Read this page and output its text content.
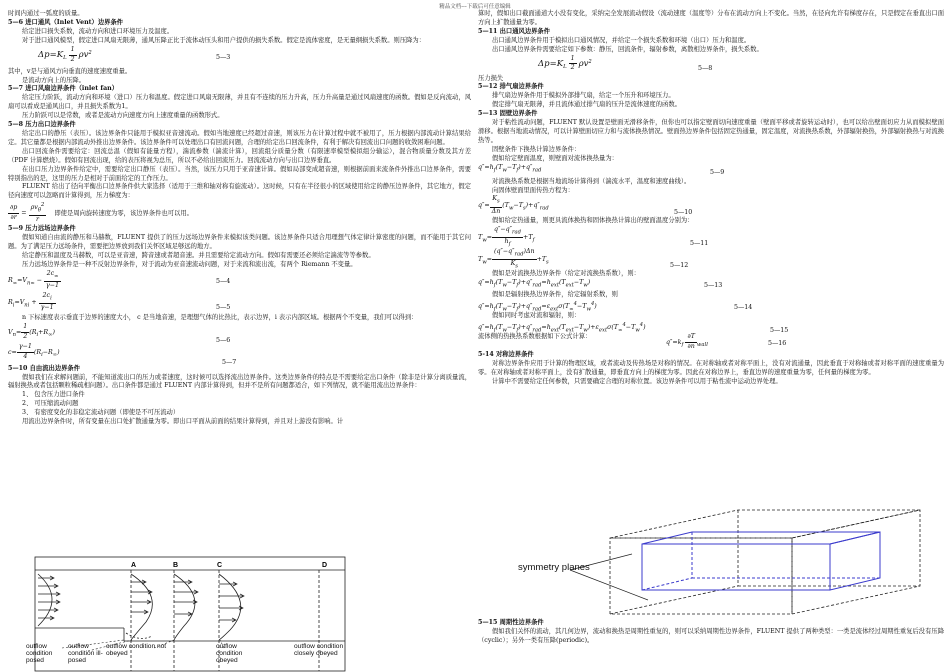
精品文档---下载后可任意编辑

时间内通过一弧度的质量。

5—6 进口通风（Inlet Vent）边界条件

给定进口损失系数，流动方向和进口环境压力及温度。

对于进口通风模型，假定进口风扇无限薄，通风压降正比于流体动压头和用户提供的损失系数。假定是流体密度，是无量纲损失系数。则压降为：

$\Delta p=K_L \frac{1}{2} \rho v^2$
5—3

其中，v是与通风方向垂直的速度速度重量。

是流动方向上的压降。

5—7 进口风扇边界条件（inlet fan）

给定压力阶跃，流动方向和环境（进口）压力和温度。假定进口风扇无限薄，并且有不连续的压力升高，压力升高量是通过风扇速度的函数。假如是反向流动，风扇可以看成是通风出口，并且损失系数为1。

压力阶跃可以是常数，或者是流动方向速度方向上速度重量的函数形式。

5—8 压力出口边界条件

给定出口的静压（表压）。该边界条件只能用于模拟亚音速流动。假如当地速度已经超过音速，则该压力在计算过程中就不被用了，压力根据内部流动计算结果给定。其它量都是根据内部流动外推出边界条件。该边界条件可以处理出口有回流问题，合理的给定出口回流条件，有利于解决有回流出口问题的收敛困难问题。

出口回流条件需要给定：回流总温（假如有能量方程），湍流参数（湍流计算），回流组分质量分数（有限速率模型模拟组分输运），混合物质量分数及其方差（PDF 计算燃烧）。假如有回流出现，给的表压将视为总压，所以不必给出回流压力。回流流动方向与出口边界垂直。

在出口压力边界条件给定中，需要给定出口静压（表压）。当然，该压力只用于亚音速计算。假如局部变成超音速，则根据前面来流条件外推出口边界条件，需要特别指出的是，这里的压力是相对于前面给定的工作压力。

FLUENT 给出了径向平衡出口边界条件供大家选择（适用于三维和轴对称有旋流动）。这时候，只有在半径很小的区域使用给定的静压边界条件，其它地方，假定径向速度可以忽略而计算得到，压力梯度为：

$\frac{\partial p}{\partial r} = \frac{\rho v_\theta^2}{r}$ 即使是周向旋转速度为零，该边界条件也可以用。

5—9 压力远场边界条件

假如知道自由流的静压和马赫数，FLUENT 提供了的压力远场边界条件来模拟该类问题。该边界条件只适合用理想气体定律计算密度的问题，而不能用于其它问题。为了满足压力远场条件，需要把边界放到我们关怀区域足够远的地方。

给定静压和温度及马赫数，可以是亚音速，跨音速或者超音速。并且需要给定流动方向。假如有需要还必须给定湍流等等参数。

压力远场边界条件是一种不反射边界条件，对于流动为亚音速流动问题，对于来流和流出流，有两个 Riemann 不变量。

$R_\infty=V_{n\infty} - \frac{2c_\infty}{\gamma-1}$	5—4

$R_i=V_{ni} + \frac{2c_i}{\gamma-1}$	5—5

n 下标速度表示垂直于边界的速度大小， c 是当地音速，是理想气体的比热比，表示边界，i 表示内部区域。根据两个不变量，我们可以得到：

$V_n= \frac{1}{2} (R_i+R_\infty)$
5—6

$c= \frac{\gamma-1}{4} (R_i-R_\infty)$
5—7

5—10 自由流出边界条件

假如我们在求解问题前，不能知道流出口的压力或者速度，这时候可以选择流出边界条件。这类边界条件的特点是不需要给定出口条件（除非是计算分离质量流，辐射换热或者包括颗粒稀疏相问题）。出口条件都是通过 FLUENT 内部计算得到，但并不是所有问题都适合，如下列情况，就不能用流出边界条件：

1、 包含压力进口条件

2、 可压缩流动问题

3、 有密度变化的非稳定流动问题（即使是不可压流动）

用流出边界条件时，所有变量在出口处扩散通量为零。即出口平面从前面的结果计算得到，并且对上游没有影响。计

A	B	C	D
outflow condition posed
outflow condition ill-posed
outflow condition not obeyed
outflow condition obeyed
outflow condition closely obeyed

算时，假如出口截面通道大小没有变化，采纳完全发展流动假设（流动速度（温度等）分布在流动方向上不变化。当然，在径向允许有梯度存在，只是假定在垂直出口面方向上扩散通量为零。

5—11 出口通风边界条件

出口通风边界条件用于模拟出口通风情况，并给定一个损失系数和环境（出口）压力和温度。

出口通风边界条件需要给定如下参数：静压，回流条件，辐射参数，离散相边界条件，损失系数。

$\Delta p=K_L \frac{1}{2} \rho v^2$
5—8

压力损失

5—12 排气扇边界条件

排气扇边界条件用于模拟外部排气扇，给定一个压升和环境压力。

假定排气扇无限薄，并且流体通过排气扇的压升是流体速度的函数。

5—13 固壁边界条件

对于粘性流动问题，FLUENT 默认设置是壁面无滑移条件，但你也可以指定壁面切向速度重量（壁面平移或者旋转运动时），也可以给出壁面切应力从而模拟壁面滑移。根据当地流动情况，可以计算壁面切应力和与流体换热情况。壁面热边界条件包括固定热通量，固定温度，对流换热系数，外部辐射换热，外部辐射换热与对流换热等。

固壁条件下换热计算边界条件：

假如给定壁面温度，则壁面对流体换热量为：

$q''=h_f(T_w-T_f)+q''_{rad}$	5—9

对流换热系数是根据当地流场计算得到（湍流水平，温度和速度曲线）。

向固体壁面里面传热方程为：

$q''= \frac{K_s}{\Delta n} (T_w-T_s)+q''_{rad}$
5—10

假如给定热通量，则更具流体换热和固体换热计算出的壁面温度分别为：

$T_w= \frac{q''-q''_{rad}}{h_f} +T_f$	5—11

$T_w= \frac{(q''-q''_{rad})\Delta n}{K_s} +T_s$	5—12

假如是对流换热边界条件（给定对流换热系数），则：

$q''=h_f(T_w-T_f)+q''_{rad}=h_{ext}(T_{ext}-T_w)$	5—13

假如是辐射换热边界条件，给定辐射系数，则

$q''=h_f(T_w-T_f)+q''_{rad}=\varepsilon_{ext}\sigma(T_\infty^4-T_w^4)$	5—14

假如同时考虑对流和辐射，则：

$q''=h_f(T_w-T_f)+q''_{rad}=h_{ext}(T_{ext}-T_w)+\varepsilon_{ext}\sigma(T_\infty^4-T_w^4)$	5—15

流体侧的热换热系数根据如下公式计算：
$q''=k_f \frac{\partial T}{\partial n} _{wall}$	5—16

5-14 对称边界条件

对称边界条件应用于计算的物理区域，或者流动及传热场是对称的情况。在对称轴或者对称平面上，没有对流通量，因此垂直于对称轴或者对称平面的速度重量为零。在对称轴或者对称平面上，没有扩散通量，即垂直方向上的梯度为零。因此在对称边界上，垂直边界的速度重量为零，任何量的梯度为零。

计算中不需要给定任何参数，只需要确定合理的对称位置。该边界条件可以用于粘性流中运动边界处理。

symmetry planes

5—15 周期性边界条件

假如我们关怀的流动，其几何边界，流动和换热是周期性重复的，则可以采纳周期性边界条件，FLUENT 提供了两种类型：一类是流体经过周期性重复后没有压降（cyclic）；另外一类有压降(periodic)。
